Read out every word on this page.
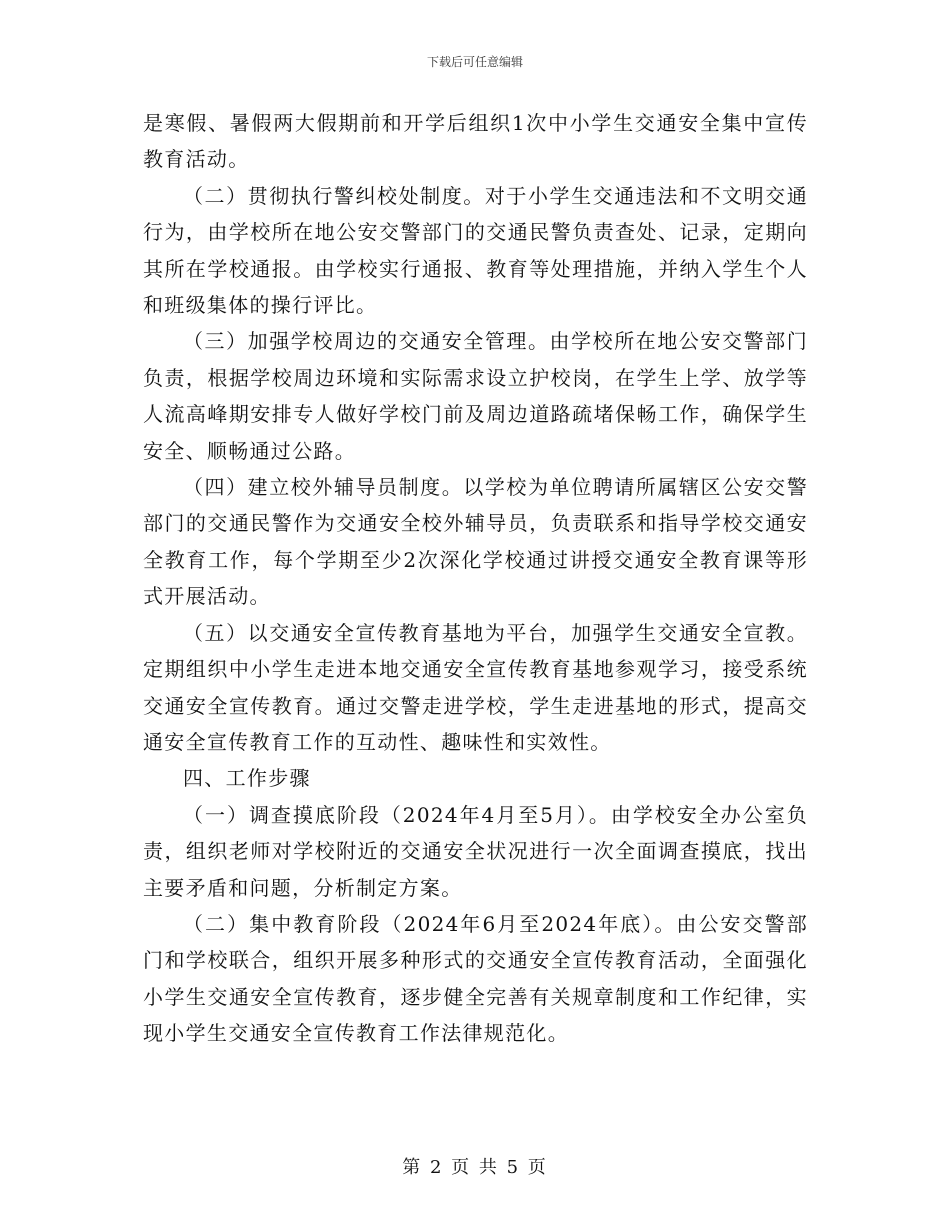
下载后可任意编辑

是寒假、暑假两大假期前和开学后组织1次中小学生交通安全集中宣传教育活动。

（二）贯彻执行警纠校处制度。对于小学生交通违法和不文明交通行为，由学校所在地公安交警部门的交通民警负责查处、记录，定期向其所在学校通报。由学校实行通报、教育等处理措施，并纳入学生个人和班级集体的操行评比。

（三）加强学校周边的交通安全管理。由学校所在地公安交警部门负责，根据学校周边环境和实际需求设立护校岗，在学生上学、放学等人流高峰期安排专人做好学校门前及周边道路疏堵保畅工作，确保学生安全、顺畅通过公路。

（四）建立校外辅导员制度。以学校为单位聘请所属辖区公安交警部门的交通民警作为交通安全校外辅导员，负责联系和指导学校交通安全教育工作，每个学期至少2次深化学校通过讲授交通安全教育课等形式开展活动。

（五）以交通安全宣传教育基地为平台，加强学生交通安全宣教。定期组织中小学生走进本地交通安全宣传教育基地参观学习，接受系统交通安全宣传教育。通过交警走进学校，学生走进基地的形式，提高交通安全宣传教育工作的互动性、趣味性和实效性。

四、工作步骤

（一）调查摸底阶段（2024年4月至5月）。由学校安全办公室负责，组织老师对学校附近的交通安全状况进行一次全面调查摸底，找出主要矛盾和问题，分析制定方案。

（二）集中教育阶段（2024年6月至2024年底）。由公安交警部门和学校联合，组织开展多种形式的交通安全宣传教育活动，全面强化小学生交通安全宣传教育，逐步健全完善有关规章制度和工作纪律，实现小学生交通安全宣传教育工作法律规范化。

第 2 页 共 5 页
